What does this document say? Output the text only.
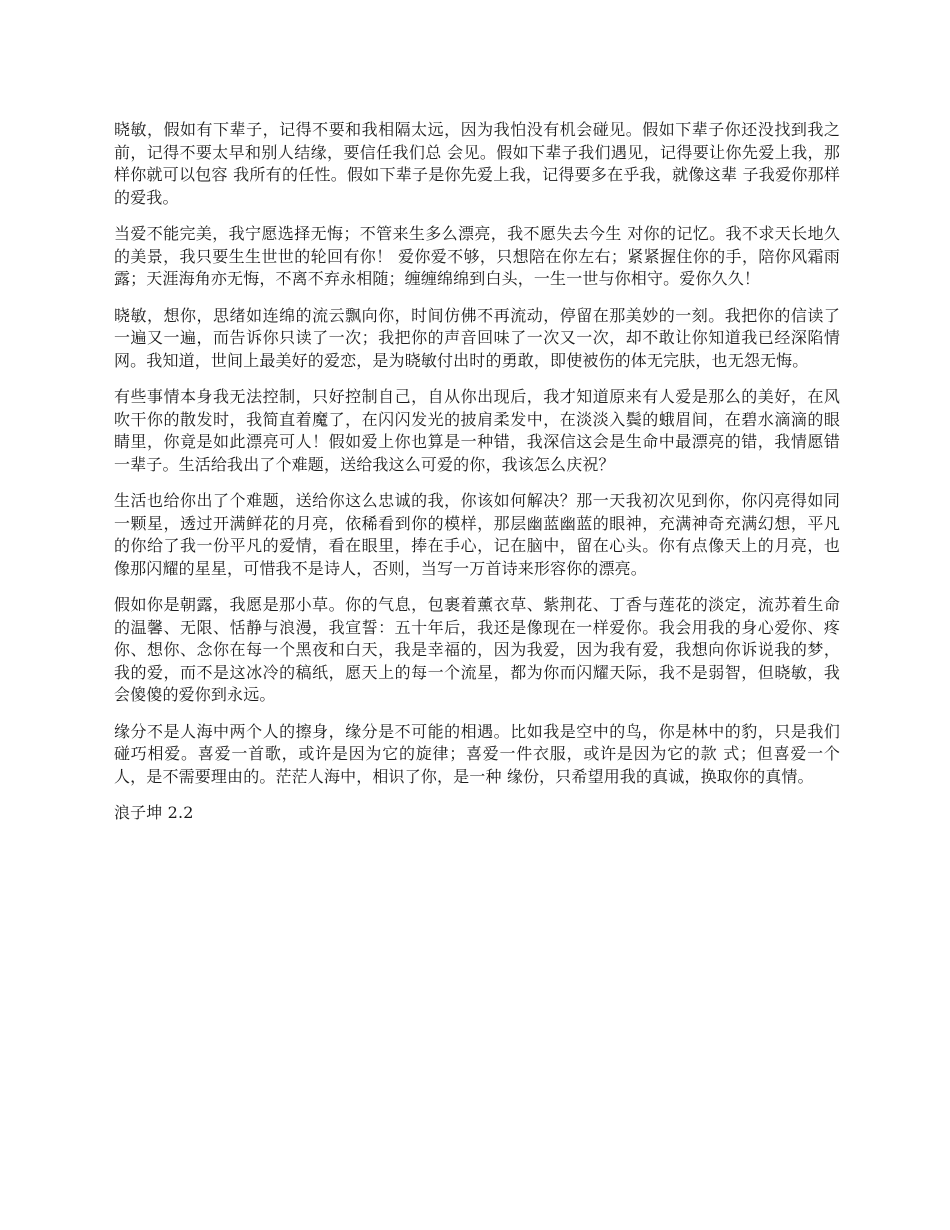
晓敏，假如有下辈子，记得不要和我相隔太远，因为我怕没有机会碰见。假如下辈子你还没找到我之前，记得不要太早和别人结缘，要信任我们总 会见。假如下辈子我们遇见，记得要让你先爱上我，那样你就可以包容 我所有的任性。假如下辈子是你先爱上我，记得要多在乎我，就像这辈 子我爱你那样的爱我。

当爱不能完美，我宁愿选择无悔；不管来生多么漂亮，我不愿失去今生 对你的记忆。我不求天长地久的美景，我只要生生世世的轮回有你！ 爱你爱不够，只想陪在你左右；紧紧握住你的手，陪你风霜雨露；天涯海角亦无悔，不离不弃永相随；缠缠绵绵到白头，一生一世与你相守。爱你久久！

晓敏，想你，思绪如连绵的流云飘向你，时间仿佛不再流动，停留在那美妙的一刻。我把你的信读了一遍又一遍，而告诉你只读了一次；我把你的声音回味了一次又一次，却不敢让你知道我已经深陷情网。我知道，世间上最美好的爱恋，是为晓敏付出时的勇敢，即使被伤的体无完肤，也无怨无悔。

有些事情本身我无法控制，只好控制自己，自从你出现后，我才知道原来有人爱是那么的美好，在风吹干你的散发时，我简直着魔了，在闪闪发光的披肩柔发中，在淡淡入鬓的蛾眉间，在碧水滴滴的眼睛里，你竟是如此漂亮可人！假如爱上你也算是一种错，我深信这会是生命中最漂亮的错，我情愿错一辈子。生活给我出了个难题，送给我这么可爱的你，我该怎么庆祝？

生活也给你出了个难题，送给你这么忠诚的我，你该如何解决？那一天我初次见到你，你闪亮得如同一颗星，透过开满鲜花的月亮，依稀看到你的模样，那层幽蓝幽蓝的眼神，充满神奇充满幻想，平凡的你给了我一份平凡的爱情，看在眼里，捧在手心，记在脑中，留在心头。你有点像天上的月亮，也像那闪耀的星星，可惜我不是诗人，否则，当写一万首诗来形容你的漂亮。

假如你是朝露，我愿是那小草。你的气息，包裹着薰衣草、紫荆花、丁香与莲花的淡定，流苏着生命的温馨、无限、恬静与浪漫，我宣誓：五十年后，我还是像现在一样爱你。我会用我的身心爱你、疼你、想你、念你在每一个黑夜和白天，我是幸福的，因为我爱，因为我有爱，我想向你诉说我的梦，我的爱，而不是这冰冷的稿纸，愿天上的每一个流星，都为你而闪耀天际，我不是弱智，但晓敏，我会傻傻的爱你到永远。

缘分不是人海中两个人的擦身，缘分是不可能的相遇。比如我是空中的鸟，你是林中的豹，只是我们碰巧相爱。喜爱一首歌，或许是因为它的旋律；喜爱一件衣服，或许是因为它的款 式；但喜爱一个人，是不需要理由的。茫茫人海中，相识了你，是一种 缘份，只希望用我的真诚，换取你的真情。

浪子坤 2.2
